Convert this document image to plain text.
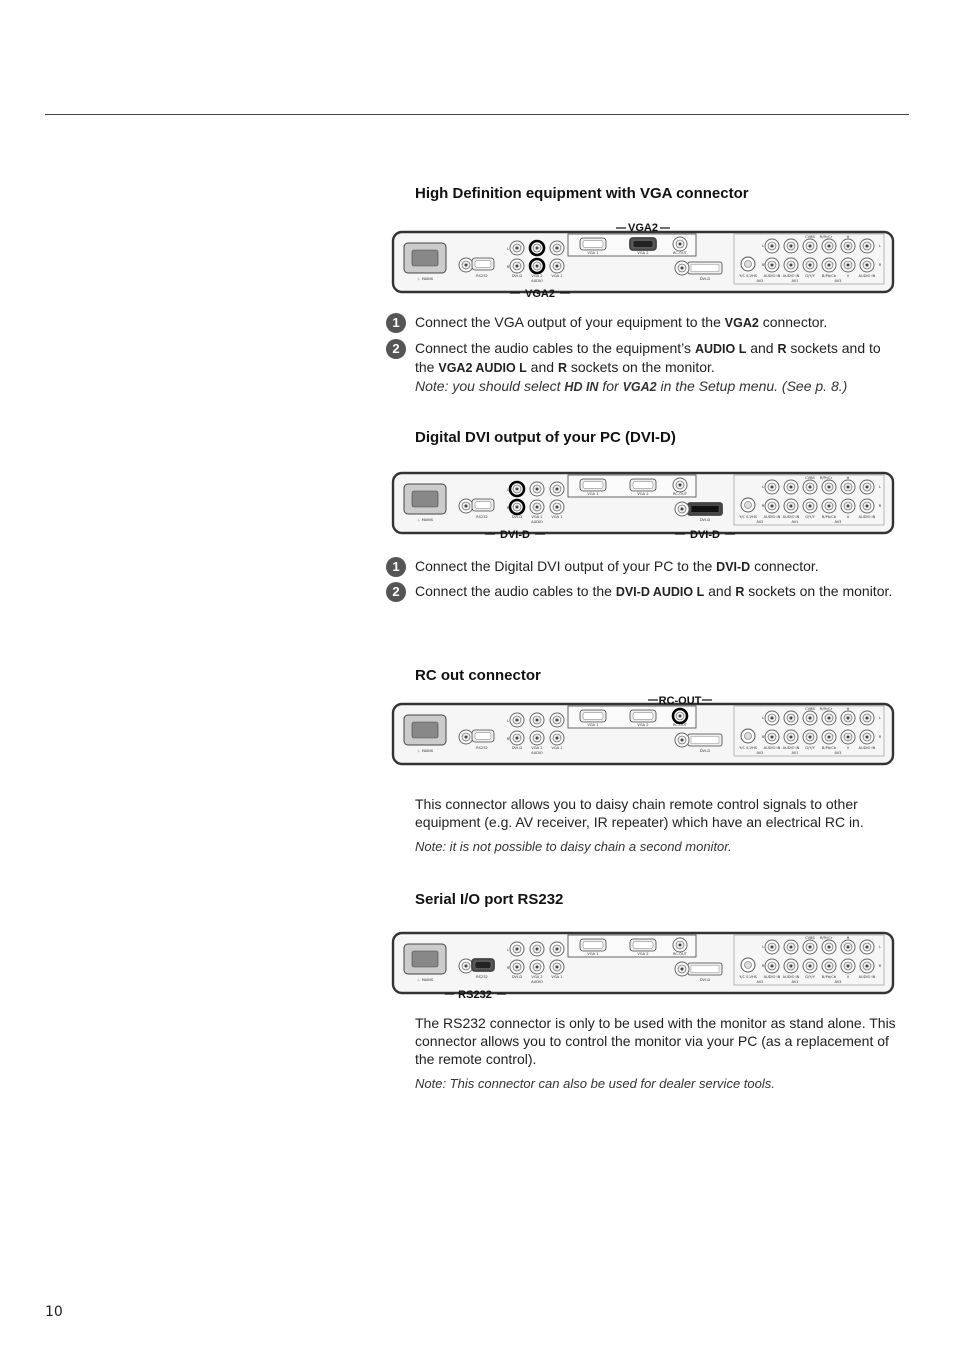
High Definition equipment with VGA connector
⏚ MAINS
RS232
L
R
DVI-D	VGA 2 VGA 1
AUDIO
VGA 1	VGA 2	RC-OUT
DVI-D
Y/C S-VHS
L
R
AUDIO IN
AV2
CVBS R/Pr/Cr
AUDIO IN G/Y/Y
AV1
H
B/Pb/Cb	V	AUDIO IN
AV3
L
R
VGA2
VGA2
1	Connect the VGA output of your equipment to the VGA2 connector.
2	Connect the audio cables to the equipment’s AUDIO L and R sockets and to the VGA2 AUDIO L and R sockets on the monitor.
Note: you should select HD IN for VGA2 in the Setup menu. (See p. 8.)
Digital DVI output of your PC (DVI-D)
⏚ MAINS
RS232
L
R
DVI-D	VGA 2 VGA 1
AUDIO
VGA 1	VGA 2	RC-OUT
DVI-D
Y/C S-VHS
L
R
AUDIO IN
AV2
CVBS R/Pr/Cr
AUDIO IN G/Y/Y
AV1
H
B/Pb/Cb	V	AUDIO IN
AV3
L
R
DVI-D	DVI-D
1	Connect the Digital DVI output of your PC to the DVI-D connector.
2	Connect the audio cables to the DVI-D AUDIO L and R sockets on the monitor.
RC out connector
⏚ MAINS
RS232
L
R
DVI-D	VGA 2 VGA 1
AUDIO
VGA 1	VGA 2	RC-OUT
DVI-D
Y/C S-VHS
L
R
AUDIO IN
AV2
CVBS R/Pr/Cr
AUDIO IN G/Y/Y
AV1
H
B/Pb/Cb	V	AUDIO IN
AV3
L
R
RC-OUT
This connector allows you to daisy chain remote control signals to other equipment (e.g. AV receiver, IR repeater) which have an electrical RC in.
Note: it is not possible to daisy chain a second monitor.
Serial I/O port RS232
⏚ MAINS
RS232
L
R
DVI-D	VGA 2 VGA 1
AUDIO
VGA 1	VGA 2	RC-OUT
DVI-D
Y/C S-VHS
L
R
AUDIO IN
AV2
CVBS R/Pr/Cr
AUDIO IN G/Y/Y
AV1
H
B/Pb/Cb	V	AUDIO IN
AV3
L
R
RS232
The RS232 connector is only to be used with the monitor as stand alone. This connector allows you to control the monitor via your PC (as a replacement of the remote control).
Note: This connector can also be used for dealer service tools.
10
